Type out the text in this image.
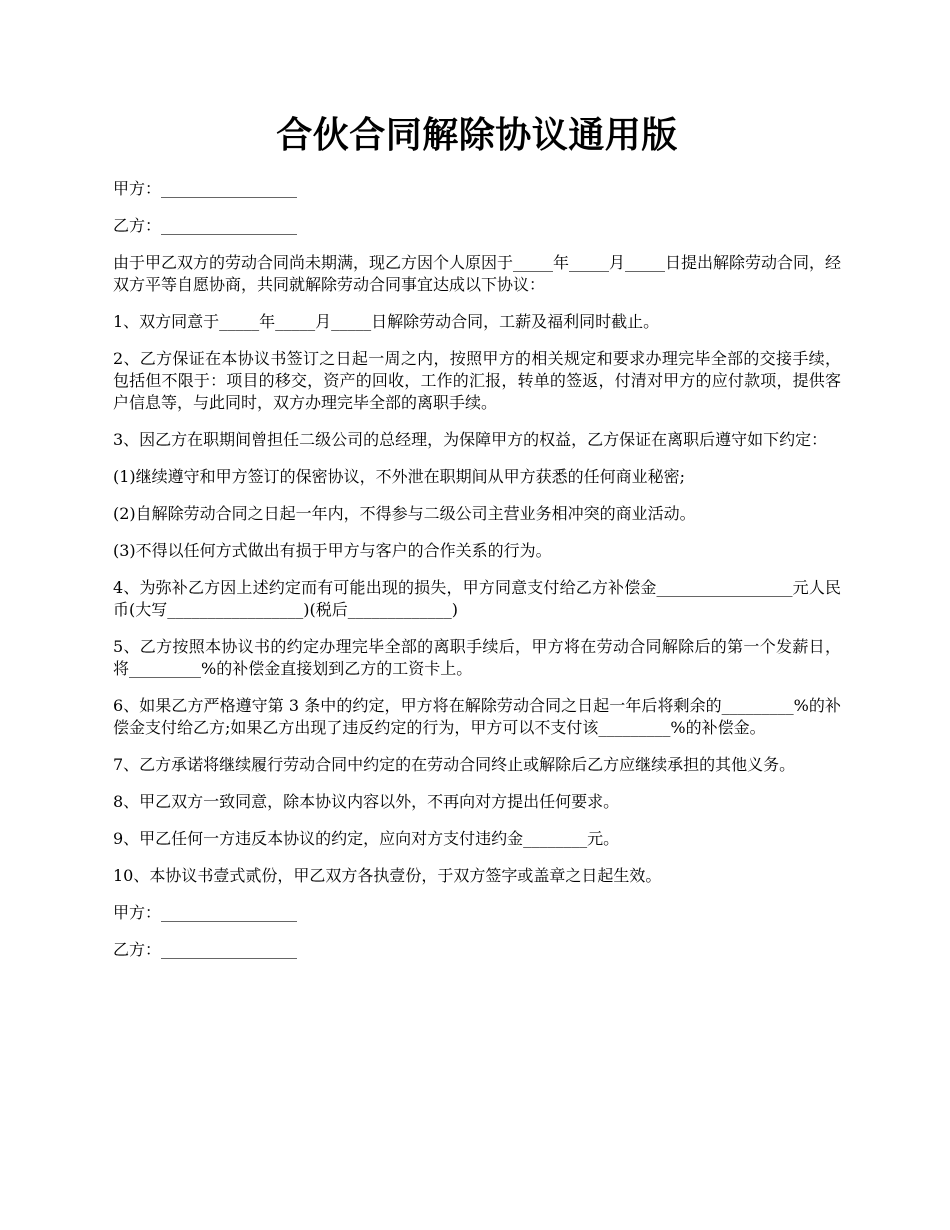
合伙合同解除协议通用版

甲方：_________________

乙方：_________________

由于甲乙双方的劳动合同尚未期满，现乙方因个人原因于_____年_____月_____日提出解除劳动合同，经双方平等自愿协商，共同就解除劳动合同事宜达成以下协议：

1、双方同意于_____年_____月_____日解除劳动合同，工薪及福利同时截止。

2、乙方保证在本协议书签订之日起一周之内，按照甲方的相关规定和要求办理完毕全部的交接手续，包括但不限于：项目的移交，资产的回收，工作的汇报，转单的签返，付清对甲方的应付款项，提供客户信息等，与此同时，双方办理完毕全部的离职手续。

3、因乙方在职期间曾担任二级公司的总经理，为保障甲方的权益，乙方保证在离职后遵守如下约定：

(1)继续遵守和甲方签订的保密协议，不外泄在职期间从甲方获悉的任何商业秘密;

(2)自解除劳动合同之日起一年内，不得参与二级公司主营业务相冲突的商业活动。

(3)不得以任何方式做出有损于甲方与客户的合作关系的行为。

4、为弥补乙方因上述约定而有可能出现的损失，甲方同意支付给乙方补偿金_________________元人民币(大写_________________)(税后_____________)

5、乙方按照本协议书的约定办理完毕全部的离职手续后，甲方将在劳动合同解除后的第一个发薪日，将_________%的补偿金直接划到乙方的工资卡上。

6、如果乙方严格遵守第 3 条中的约定，甲方将在解除劳动合同之日起一年后将剩余的_________%的补偿金支付给乙方;如果乙方出现了违反约定的行为，甲方可以不支付该_________%的补偿金。

7、乙方承诺将继续履行劳动合同中约定的在劳动合同终止或解除后乙方应继续承担的其他义务。

8、甲乙双方一致同意，除本协议内容以外，不再向对方提出任何要求。

9、甲乙任何一方违反本协议的约定，应向对方支付违约金________元。

10、本协议书壹式贰份，甲乙双方各执壹份，于双方签字或盖章之日起生效。

甲方：_________________

乙方：_________________
